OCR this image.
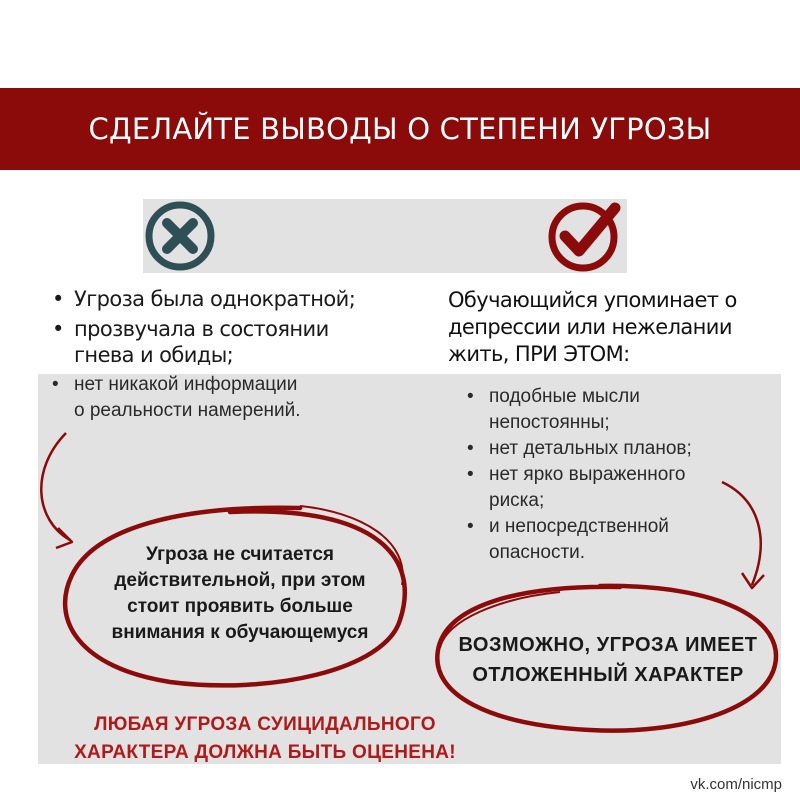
СДЕЛАЙТЕ ВЫВОДЫ О СТЕПЕНИ УГРОЗЫ
• Угроза была однократной;
• прозвучала в состоянии
гнева и обиды;
• нет никакой информации
о реальности намерений.
Обучающийся упоминает о
депрессии или нежелании
жить, ПРИ ЭТОМ:
• подобные мысли
непостоянны;
• нет детальных планов;
• нет ярко выраженного
риска;
• и непосредственной
опасности.
Угроза не считается
действительной, при этом
стоит проявить больше
внимания к обучающемуся
ВОЗМОЖНО, УГРОЗА ИМЕЕТ
ОТЛОЖЕННЫЙ ХАРАКТЕР
ЛЮБАЯ УГРОЗА СУИЦИДАЛЬНОГО
ХАРАКТЕРА ДОЛЖНА БЫТЬ ОЦЕНЕНА!
vk.com/nicmp
